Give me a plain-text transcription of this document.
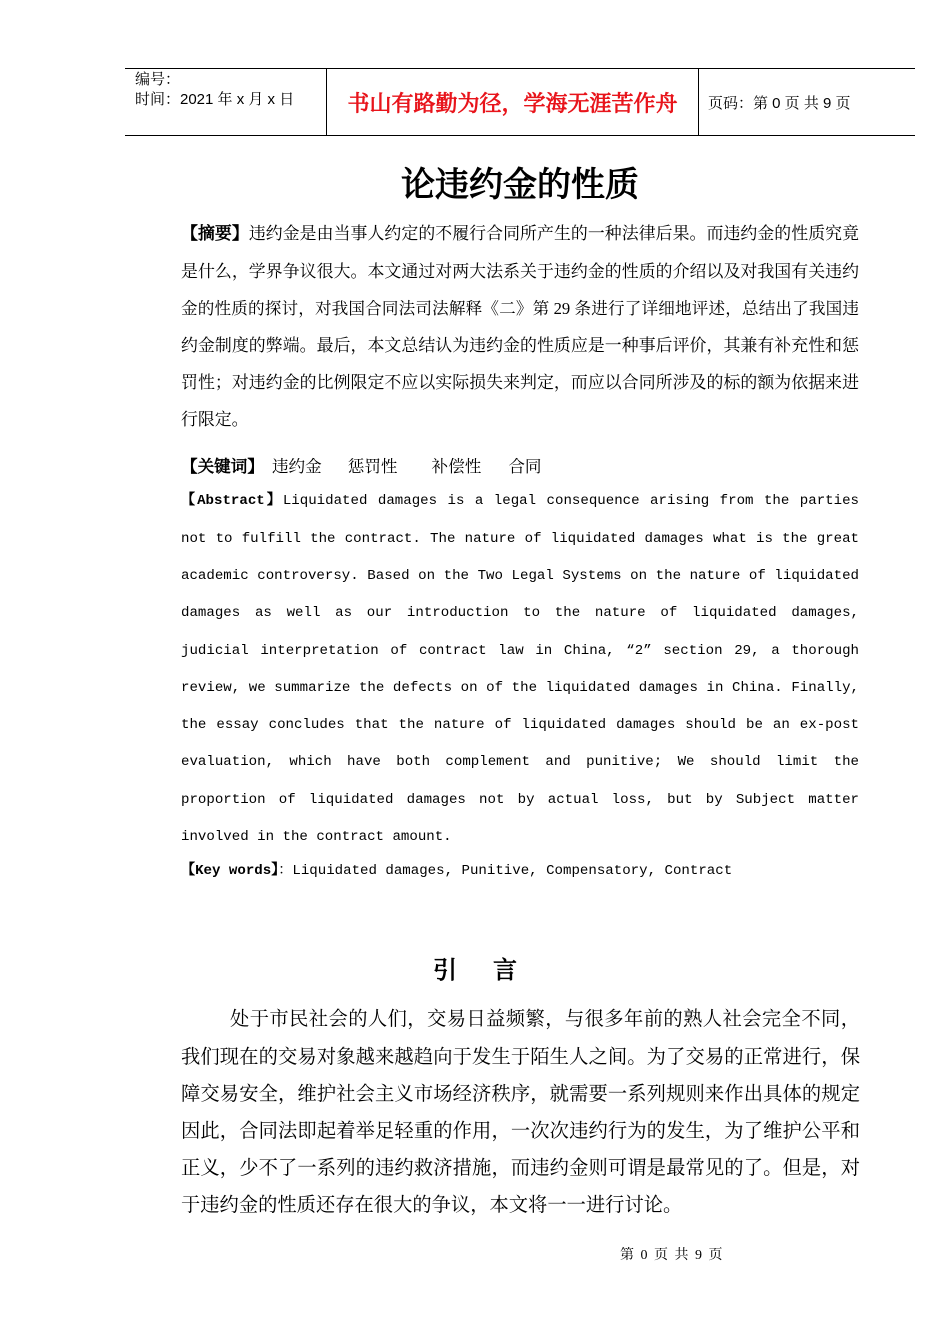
编号：
时间：2021 年 x 月 x 日	书山有路勤为径，学海无涯苦作舟 页码：第 0 页 共 9 页
论违约金的性质
【摘要】违约金是由当事人约定的不履行合同所产生的一种法律后果。而违约金的性质究竟
是什么，学界争议很大。本文通过对两大法系关于违约金的性质的介绍以及对我国有关违约
金的性质的探讨，对我国合同法司法解释《二》第 29 条进行了详细地评述，总结出了我国违
约金制度的弊端。最后，本文总结认为违约金的性质应是一种事后评价，其兼有补充性和惩
罚性；对违约金的比例限定不应以实际损失来判定，而应以合同所涉及的标的额为依据来进
行限定。
【关键词】 违约金 惩罚性 补偿性 合同
【Abstract】Liquidated damages is a legal consequence arising from the parties
not to fulfill the contract. The nature of liquidated damages what is the great
academic controversy. Based on the Two Legal Systems on the nature of liquidated
damages as well as our introduction to the nature of liquidated damages,
judicial interpretation of contract law in China, “2” section 29, a thorough
review, we summarize the defects on of the liquidated damages in China. Finally,
the essay concludes that the nature of liquidated damages should be an ex-post
evaluation, which have both complement and punitive; We should limit the
proportion of liquidated damages not by actual loss, but by Subject matter
involved in the contract amount.
【Key words】：Liquidated damages, Punitive, Compensatory, Contract
引　言
处于市民社会的人们，交易日益频繁，与很多年前的熟人社会完全不同，
我们现在的交易对象越来越趋向于发生于陌生人之间。为了交易的正常进行，保
障交易安全，维护社会主义市场经济秩序，就需要一系列规则来作出具体的规定
因此，合同法即起着举足轻重的作用，一次次违约行为的发生，为了维护公平和
正义，少不了一系列的违约救济措施，而违约金则可谓是最常见的了。但是，对
于违约金的性质还存在很大的争议，本文将一一进行讨论。
第 0 页 共 9 页
